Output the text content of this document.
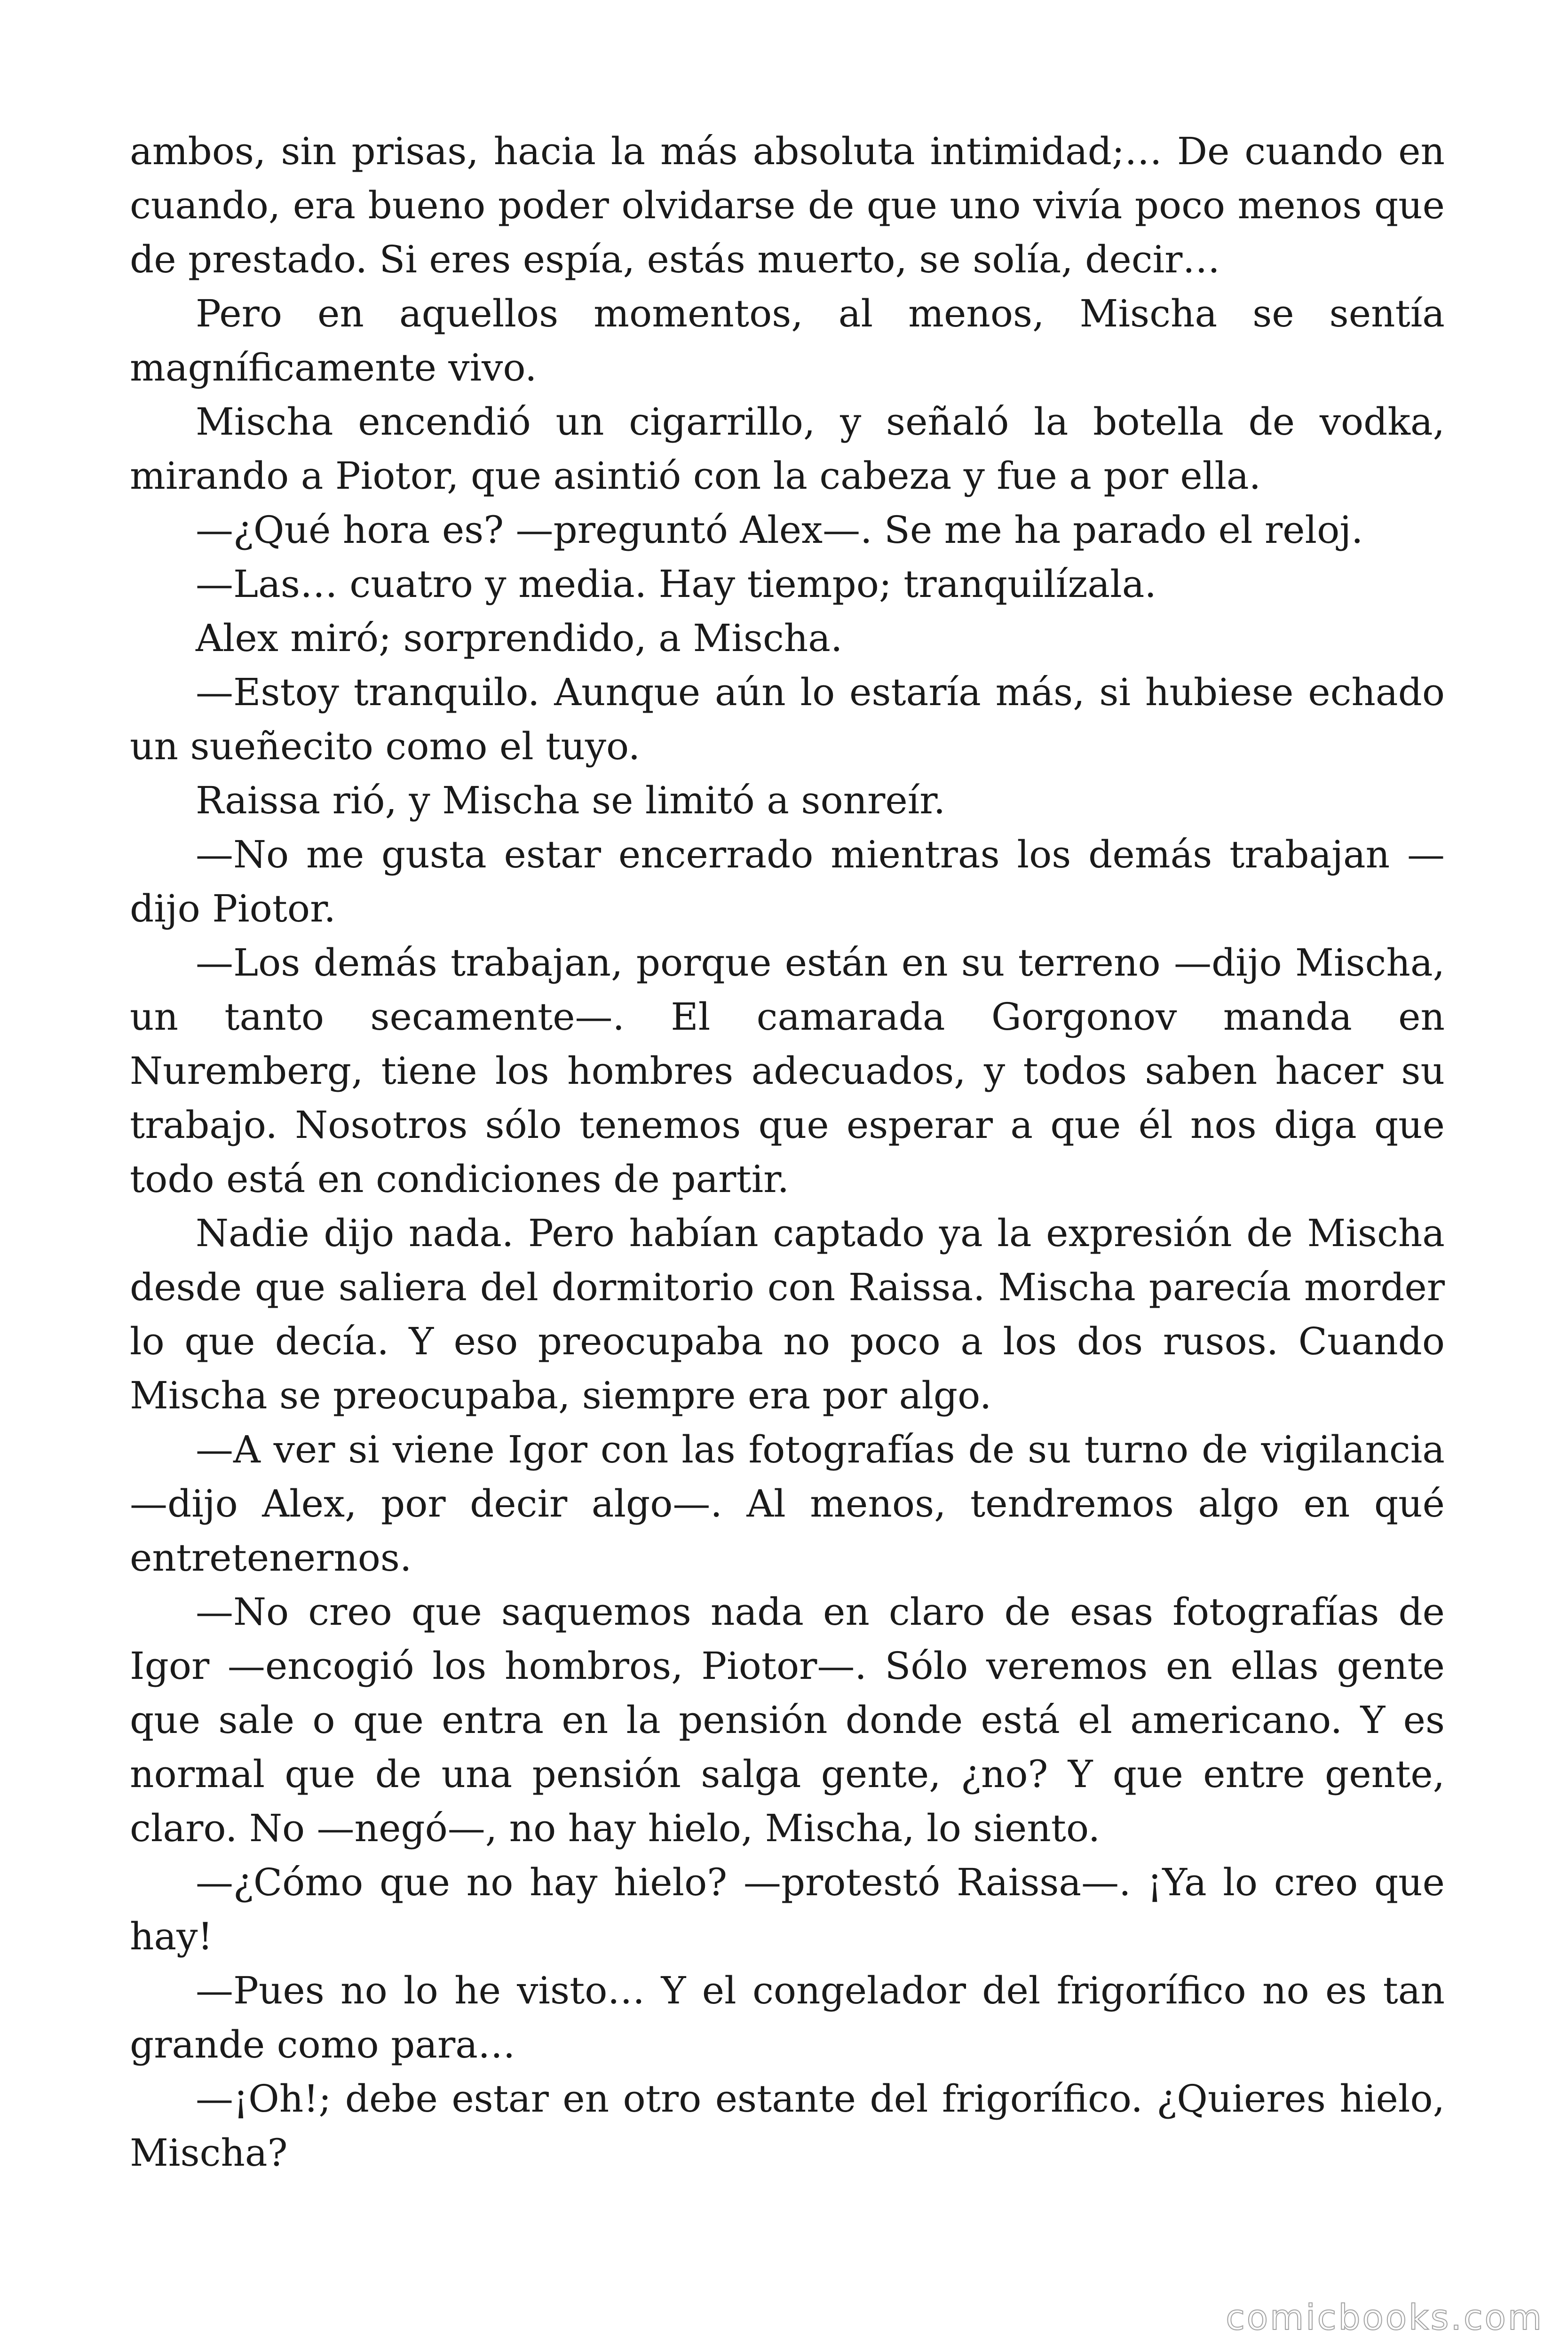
ambos, sin prisas, hacia la más absoluta intimidad;… De cuando en cuando, era bueno poder olvidarse de que uno vivía poco menos que de prestado. Si eres espía, estás muerto, se solía, decir…

Pero en aquellos momentos, al menos, Mischa se sentía magníficamente vivo.

Mischa encendió un cigarrillo, y señaló la botella de vodka, mirando a Piotor, que asintió con la cabeza y fue a por ella.

—¿Qué hora es? —preguntó Alex—. Se me ha parado el reloj.

—Las… cuatro y media. Hay tiempo; tranquilízala.

Alex miró; sorprendido, a Mischa.

—Estoy tranquilo. Aunque aún lo estaría más, si hubiese echado un sueñecito como el tuyo.

Raissa rió, y Mischa se limitó a sonreír.

—No me gusta estar encerrado mientras los demás trabajan —dijo Piotor.

—Los demás trabajan, porque están en su terreno —dijo Mischa, un tanto secamente—. El camarada Gorgonov manda en Nuremberg, tiene los hombres adecuados, y todos saben hacer su trabajo. Nosotros sólo tenemos que esperar a que él nos diga que todo está en condiciones de partir.

Nadie dijo nada. Pero habían captado ya la expresión de Mischa desde que saliera del dormitorio con Raissa. Mischa parecía morder lo que decía. Y eso preocupaba no poco a los dos rusos. Cuando Mischa se preocupaba, siempre era por algo.

—A ver si viene Igor con las fotografías de su turno de vigilancia —dijo Alex, por decir algo—. Al menos, tendremos algo en qué entretenernos.

—No creo que saquemos nada en claro de esas fotografías de Igor —encogió los hombros, Piotor—. Sólo veremos en ellas gente que sale o que entra en la pensión donde está el americano. Y es normal que de una pensión salga gente, ¿no? Y que entre gente, claro. No —negó—, no hay hielo, Mischa, lo siento.

—¿Cómo que no hay hielo? —protestó Raissa—. ¡Ya lo creo que hay!

—Pues no lo he visto… Y el congelador del frigorífico no es tan grande como para…

—¡Oh!; debe estar en otro estante del frigorífico. ¿Quieres hielo, Mischa?

comicbooks.com
